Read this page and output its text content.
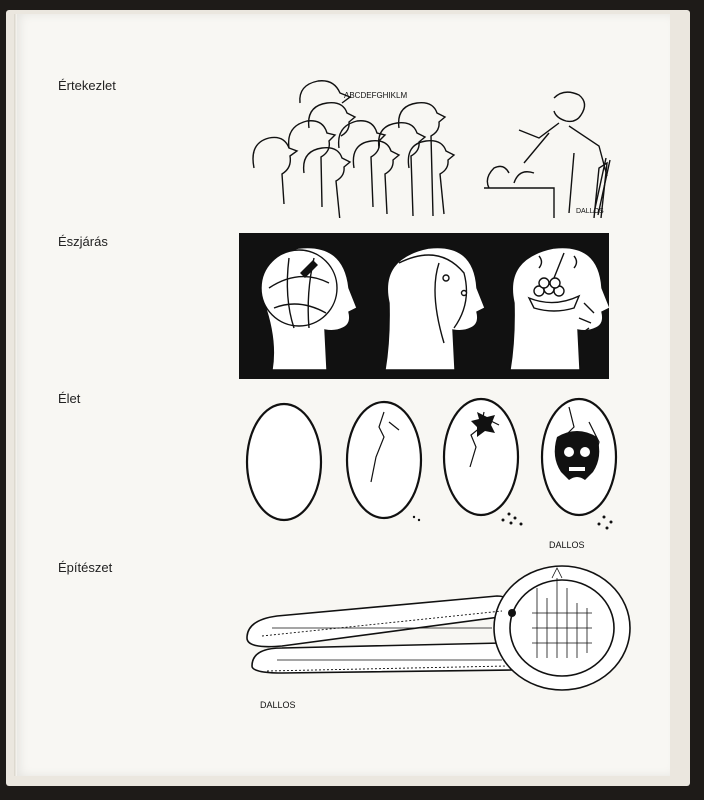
Értekezlet
ABCDEFGHIKLM
DALLOS
Észjárás
Élet
DALLOS
Építészet
DALLOS
